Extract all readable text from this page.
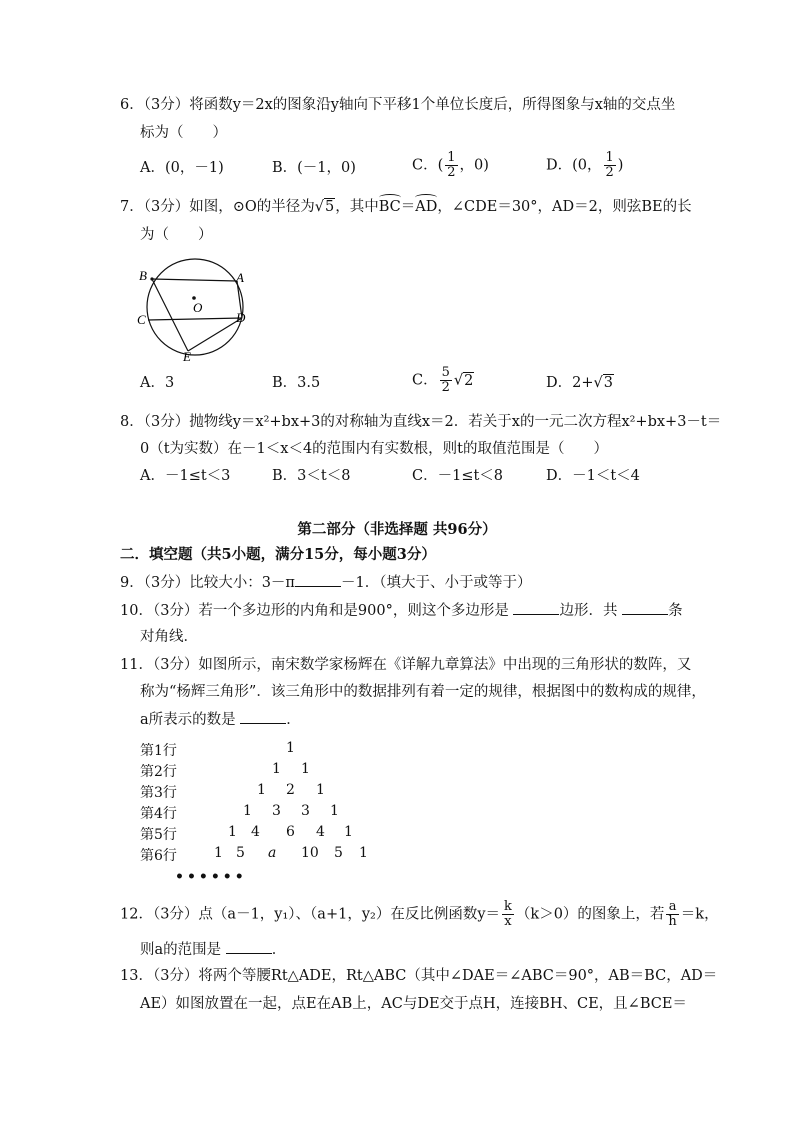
6．（3分）将函数y＝2x的图象沿y轴向下平移1个单位长度后，所得图象与x轴的交点坐
标为（　　）
A．(0，－1)	B．(－1，0)	C．( $\frac{1}{2}$ ，0)	D．(0， $\frac{1}{2}$ )
7．（3分）如图，⊙O的半径为√5，其中BC＝AD，∠CDE＝30°，AD＝2，则弦BE的长
为（　　）
B	A
O
C	D
E
A．3	B．3.5	C． $\frac{5}{2} √2$	D．2+√3
8．（3分）抛物线y＝x²+bx+3的对称轴为直线x＝2．若关于x的一元二次方程x²+bx+3－t＝
0（t为实数）在－1＜x＜4的范围内有实数根，则t的取值范围是（　　）
A．－1≤t＜3	B．3＜t＜8	C．－1≤t＜8	D．－1＜t＜4
第二部分（非选择题 共96分）
二．填空题（共5小题，满分15分，每小题3分）
9．（3分）比较大小：3－π	－1．（填大于、小于或等于）
10．（3分）若一个多边形的内角和是900°，则这个多边形是	边形．共	条
对角线．
11．（3分）如图所示，南宋数学家杨辉在《详解九章算法》中出现的三角形状的数阵，又
称为“杨辉三角形”．该三角形中的数据排列有着一定的规律，根据图中的数构成的规律，
a所表示的数是	．
第1行	1
第2行	1 1
第3行	1 2 1
第4行	1 3 3 1
第5行	1 4 6 4 1
第6行	1 5 a 10 5 1
••••••
12．（3分）点（a－1，y₁）、（a+1，y₂）在反比例函数$y= \frac{k}{x} (k>0)$的图象上，若 $\frac{a}{h} =k$，
则a的范围是	．
13．（3分）将两个等腰Rt△ADE，Rt△ABC（其中∠DAE＝∠ABC＝90°，AB＝BC，AD＝
AE）如图放置在一起，点E在AB上，AC与DE交于点H，连接BH、CE，且∠BCE＝
